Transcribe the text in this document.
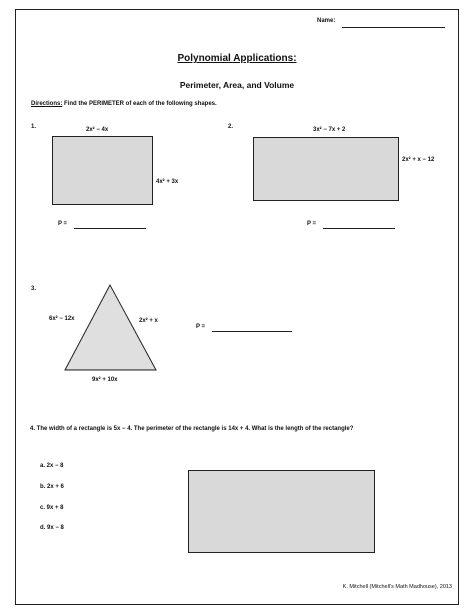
Name:
Polynomial Applications:
Perimeter, Area, and Volume
Directions: Find the PERIMETER of each of the following shapes.
1.	2x² − 4x
4x² + 3x
P =
2.	3x² − 7x + 2
2x² + x − 12
P =
3.
6x² − 12x	2x² + x
9x² + 10x
P =
4. The width of a rectangle is 5x − 4. The perimeter of the rectangle is 14x + 4. What is the length of the rectangle?
a. 2x − 8
b. 2x + 6
c. 9x + 8
d. 9x − 8
K. Mitchell (Mitchell’s Math Madhouse), 2013
